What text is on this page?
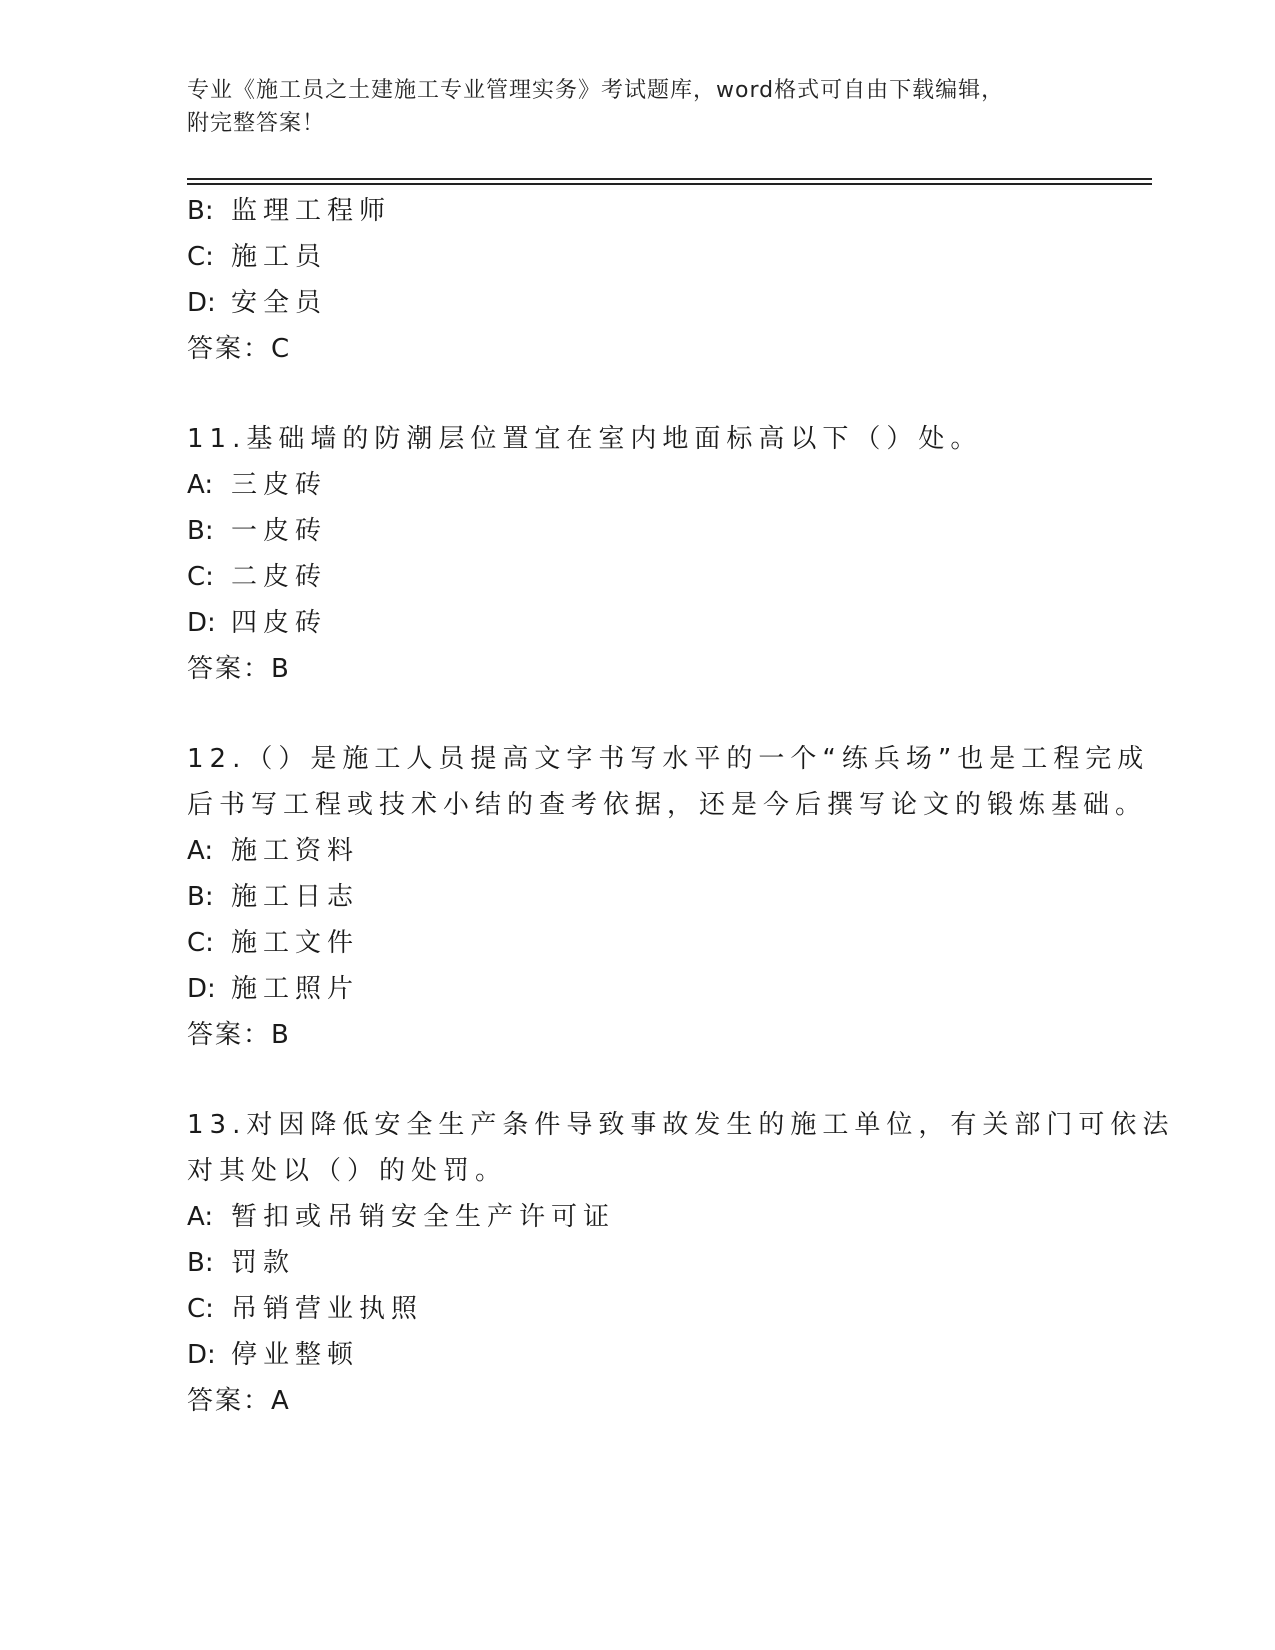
专业《施工员之土建施工专业管理实务》考试题库，word格式可自由下载编辑，
附完整答案！
B: 监理工程师
C: 施工员
D: 安全员
答案：C
11.基础墙的防潮层位置宜在室内地面标高以下（）处。
A: 三皮砖
B: 一皮砖
C: 二皮砖
D: 四皮砖
答案：B
12.（）是施工人员提高文字书写水平的一个“练兵场”也是工程完成
后书写工程或技术小结的查考依据，还是今后撰写论文的锻炼基础。
A: 施工资料
B: 施工日志
C: 施工文件
D: 施工照片
答案：B
13.对因降低安全生产条件导致事故发生的施工单位，有关部门可依法
对其处以（）的处罚。
A: 暂扣或吊销安全生产许可证
B: 罚款
C: 吊销营业执照
D: 停业整顿
答案：A
